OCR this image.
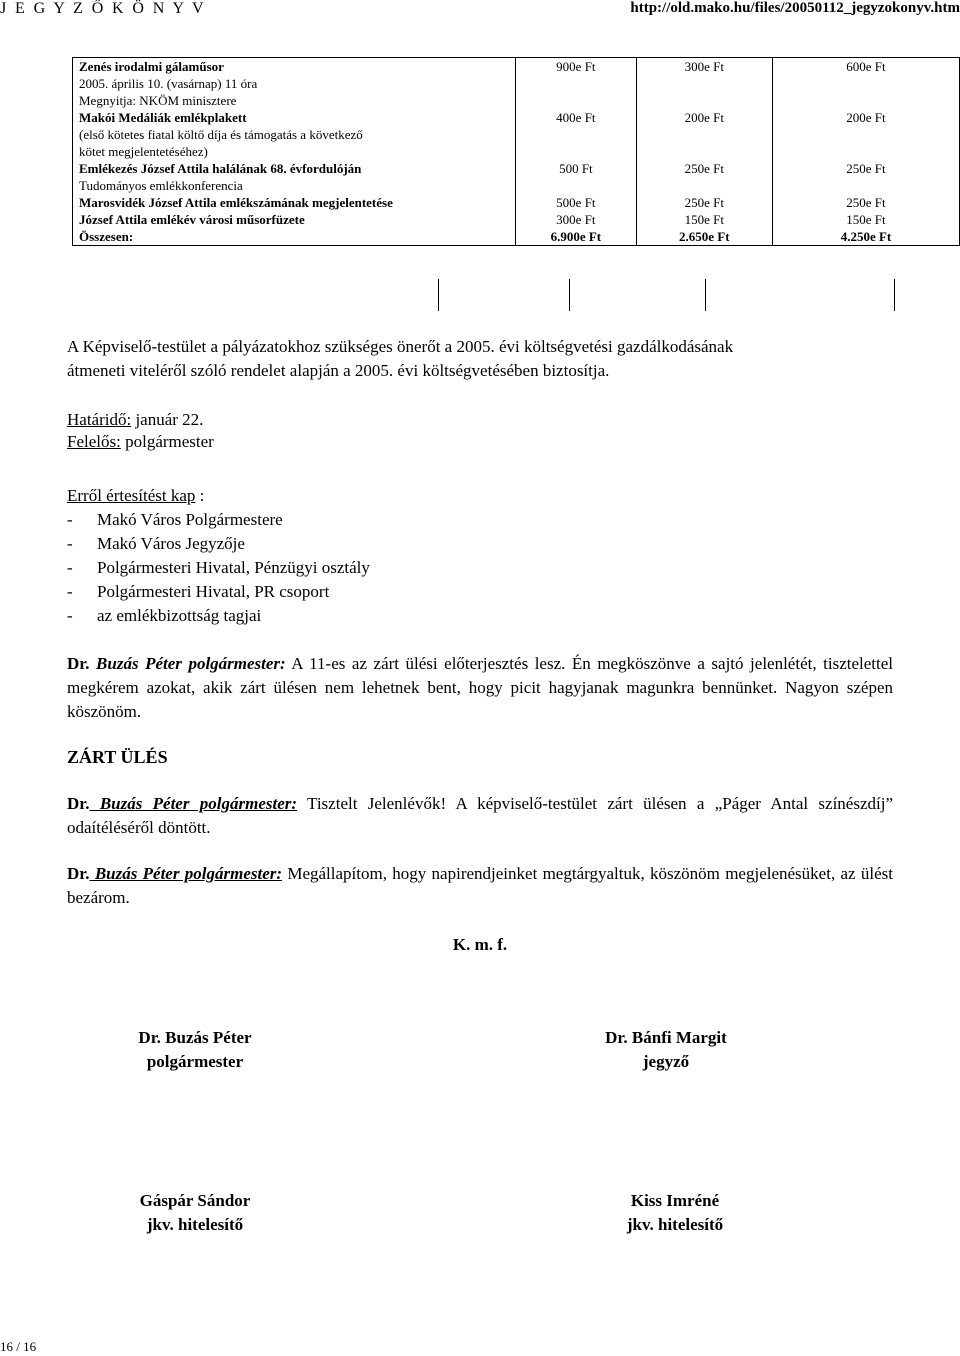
J E G Y Z Ő K Ö N Y V	http://old.mako.hu/files/20050112_jegyzokonyv.htm
Zenés irodalmi gálaműsor
2005. április 10. (vasárnap) 11 óra
Megnyitja: NKÖM minisztere	900e Ft	300e Ft	600e Ft
Makói Medáliák emlékplakett
(első kötetes fiatal költő díja és támogatás a következő
kötet megjelentetéséhez)	400e Ft	200e Ft	200e Ft
Emlékezés József Attila halálának 68. évfordulóján
Tudományos emlékkonferencia	500 Ft	250e Ft	250e Ft
Marosvidék József Attila emlékszámának megjelentetése	500e Ft	250e Ft	250e Ft
József Attila emlékév városi műsorfüzete	300e Ft	150e Ft	150e Ft
Összesen:	6.900e Ft	2.650e Ft	4.250e Ft
A Képviselő-testület a pályázatokhoz szükséges önerőt a 2005. évi költségvetési gazdálkodásának
átmeneti viteléről szóló rendelet alapján a 2005. évi költségvetésében biztosítja.
Határidő: január 22.
Felelős: polgármester
Erről értesítést kap :
- Makó Város Polgármestere
- Makó Város Jegyzője
- Polgármesteri Hivatal, Pénzügyi osztály
- Polgármesteri Hivatal, PR csoport
- az emlékbizottság tagjai
Dr. Buzás Péter polgármester: A 11-es az zárt ülési előterjesztés lesz. Én megköszönve a sajtó jelenlétét, tisztelettel megkérem azokat, akik zárt ülésen nem lehetnek bent, hogy picit hagyjanak magunkra bennünket. Nagyon szépen köszönöm.
ZÁRT ÜLÉS
Dr. Buzás Péter polgármester: Tisztelt Jelenlévők! A képviselő-testület zárt ülésen a „Páger Antal színészdíj” odaítéléséről döntött.
Dr. Buzás Péter polgármester: Megállapítom, hogy napirendjeinket megtárgyaltuk, köszönöm megjelenésüket, az ülést bezárom.
K. m. f.
Dr. Buzás Péter
polgármester
Dr. Bánfi Margit
jegyző
Gáspár Sándor
jkv. hitelesítő
Kiss Imréné
jkv. hitelesítő
16 / 16
